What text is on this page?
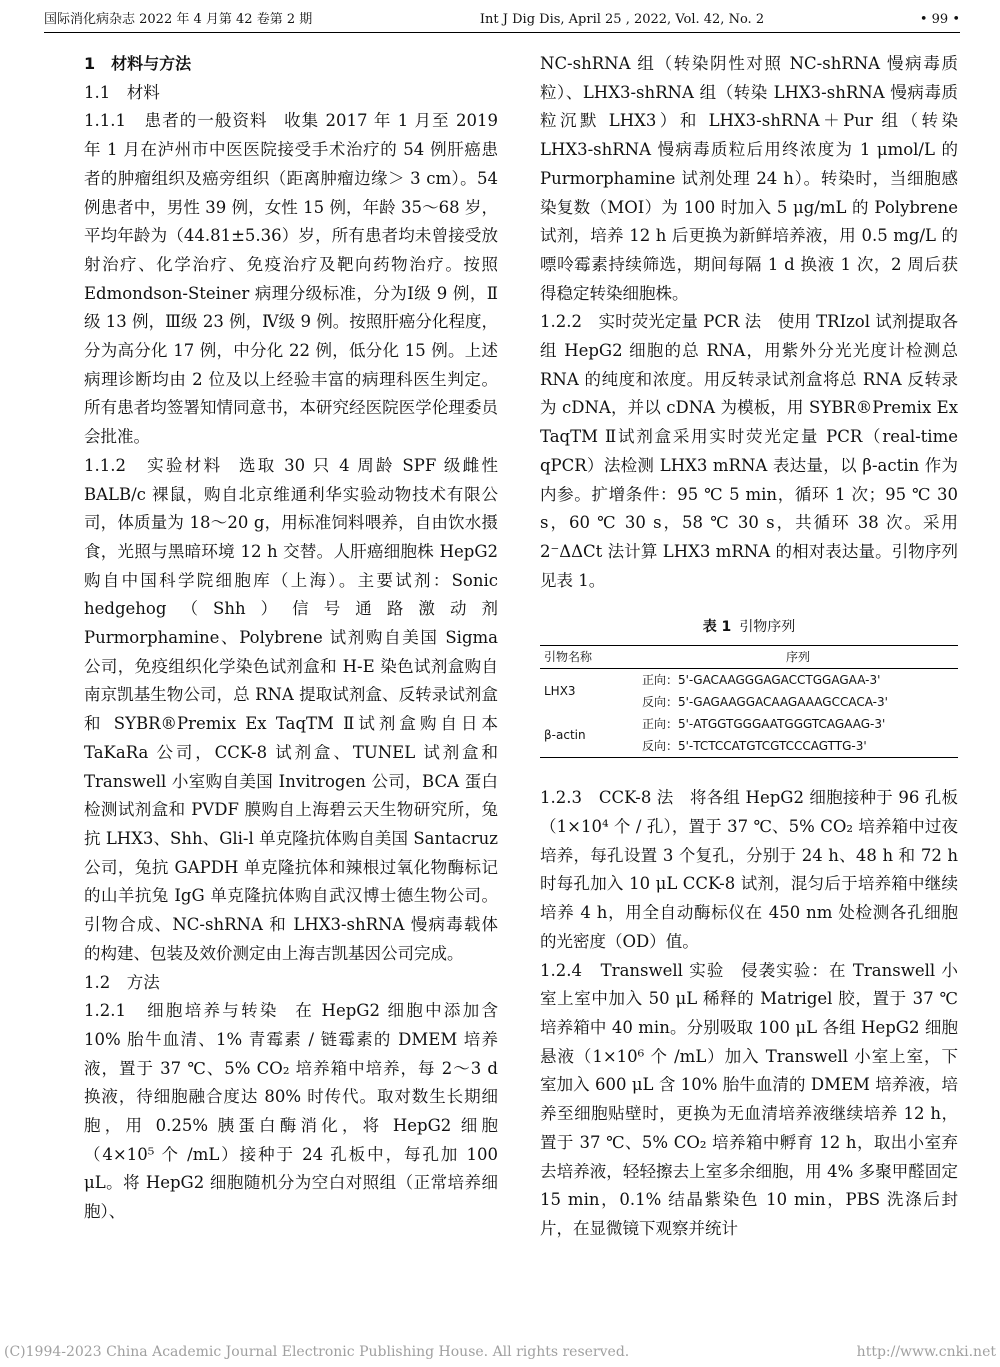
国际消化病杂志 2022 年 4 月第 42 卷第 2 期	Int J Dig Dis, April 25 , 2022, Vol. 42, No. 2	• 99 •

1　材料与方法

1.1　材料

1.1.1　患者的一般资料 收集 2017 年 1 月至 2019 年 1 月在泸州市中医医院接受手术治疗的 54 例肝癌患者的肿瘤组织及癌旁组织（距离肿瘤边缘＞ 3 cm）。54 例患者中，男性 39 例，女性 15 例，年龄 35～68 岁，平均年龄为（44.81±5.36）岁，所有患者均未曾接受放射治疗、化学治疗、免疫治疗及靶向药物治疗。按照 Edmondson-Steiner 病理分级标准，分为Ⅰ级 9 例，Ⅱ级 13 例，Ⅲ级 23 例，Ⅳ级 9 例。按照肝癌分化程度，分为高分化 17 例，中分化 22 例，低分化 15 例。上述病理诊断均由 2 位及以上经验丰富的病理科医生判定。所有患者均签署知情同意书，本研究经医院医学伦理委员会批准。

1.1.2　实验材料 选取 30 只 4 周龄 SPF 级雌性 BALB/c 裸鼠，购自北京维通利华实验动物技术有限公司，体质量为 18～20 g，用标准饲料喂养，自由饮水摄食，光照与黑暗环境 12 h 交替。人肝癌细胞株 HepG2 购自中国科学院细胞库（上海）。主要试剂：Sonic hedgehog（Shh）信号通路激动剂 Purmorphamine、Polybrene 试剂购自美国 Sigma 公司，免疫组织化学染色试剂盒和 H-E 染色试剂盒购自南京凯基生物公司，总 RNA 提取试剂盒、反转录试剂盒和 SYBR®Premix Ex TaqTM Ⅱ试剂盒购自日本 TaKaRa 公司，CCK-8 试剂盒、TUNEL 试剂盒和 Transwell 小室购自美国 Invitrogen 公司，BCA 蛋白检测试剂盒和 PVDF 膜购自上海碧云天生物研究所，兔抗 LHX3、Shh、Gli-l 单克隆抗体购自美国 Santacruz 公司，兔抗 GAPDH 单克隆抗体和辣根过氧化物酶标记的山羊抗兔 IgG 单克隆抗体购自武汉博士德生物公司。引物合成、NC-shRNA 和 LHX3-shRNA 慢病毒载体的构建、包装及效价测定由上海吉凯基因公司完成。

1.2　方法

1.2.1　细胞培养与转染 在 HepG2 细胞中添加含 10% 胎牛血清、1% 青霉素 / 链霉素的 DMEM 培养液，置于 37 ℃、5% CO₂ 培养箱中培养，每 2～3 d 换液，待细胞融合度达 80% 时传代。取对数生长期细胞，用 0.25% 胰蛋白酶消化，将 HepG2 细胞（4×10⁵ 个 /mL）接种于 24 孔板中，每孔加 100 μL。将 HepG2 细胞随机分为空白对照组（正常培养细胞）、

NC-shRNA 组（转染阴性对照 NC-shRNA 慢病毒质粒）、LHX3-shRNA 组（转染 LHX3-shRNA 慢病毒质粒沉默 LHX3）和 LHX3-shRNA＋Pur 组（转染 LHX3-shRNA 慢病毒质粒后用终浓度为 1 μmol/L 的 Purmorphamine 试剂处理 24 h）。转染时，当细胞感染复数（MOI）为 100 时加入 5 μg/mL 的 Polybrene 试剂，培养 12 h 后更换为新鲜培养液，用 0.5 mg/L 的嘌呤霉素持续筛选，期间每隔 1 d 换液 1 次，2 周后获得稳定转染细胞株。

1.2.2　实时荧光定量 PCR 法 使用 TRIzol 试剂提取各组 HepG2 细胞的总 RNA，用紫外分光光度计检测总 RNA 的纯度和浓度。用反转录试剂盒将总 RNA 反转录为 cDNA，并以 cDNA 为模板，用 SYBR®Premix Ex TaqTM Ⅱ试剂盒采用实时荧光定量 PCR（real-time qPCR）法检测 LHX3 mRNA 表达量，以 β-actin 作为内参。扩增条件：95 ℃ 5 min，循环 1 次；95 ℃ 30 s，60 ℃ 30 s，58 ℃ 30 s，共循环 38 次。采用 2⁻ΔΔCt 法计算 LHX3 mRNA 的相对表达量。引物序列见表 1。

表 1 引物序列
引物名称	序列
LHX3	正向：5'-GACAAGGGAGACCTGGAGAA-3'
	反向：5'-GAGAAGGACAAGAAAGCCACA-3'
β-actin	正向：5'-ATGGTGGGAATGGGTCAGAAG-3'
	反向：5'-TCTCCATGTCGTCCCAGTTG-3'

1.2.3　CCK-8 法 将各组 HepG2 细胞接种于 96 孔板（1×10⁴ 个 / 孔），置于 37 ℃、5% CO₂ 培养箱中过夜培养，每孔设置 3 个复孔，分别于 24 h、48 h 和 72 h 时每孔加入 10 μL CCK-8 试剂，混匀后于培养箱中继续培养 4 h，用全自动酶标仪在 450 nm 处检测各孔细胞的光密度（OD）值。

1.2.4　Transwell 实验 侵袭实验：在 Transwell 小室上室中加入 50 μL 稀释的 Matrigel 胶，置于 37 ℃培养箱中 40 min。分别吸取 100 μL 各组 HepG2 细胞悬液（1×10⁶ 个 /mL）加入 Transwell 小室上室，下室加入 600 μL 含 10% 胎牛血清的 DMEM 培养液，培养至细胞贴壁时，更换为无血清培养液继续培养 12 h，置于 37 ℃、5% CO₂ 培养箱中孵育 12 h，取出小室弃去培养液，轻轻擦去上室多余细胞，用 4% 多聚甲醛固定 15 min，0.1% 结晶紫染色 10 min，PBS 洗涤后封片，在显微镜下观察并统计

(C)1994-2023 China Academic Journal Electronic Publishing House. All rights reserved.	http://www.cnki.net
